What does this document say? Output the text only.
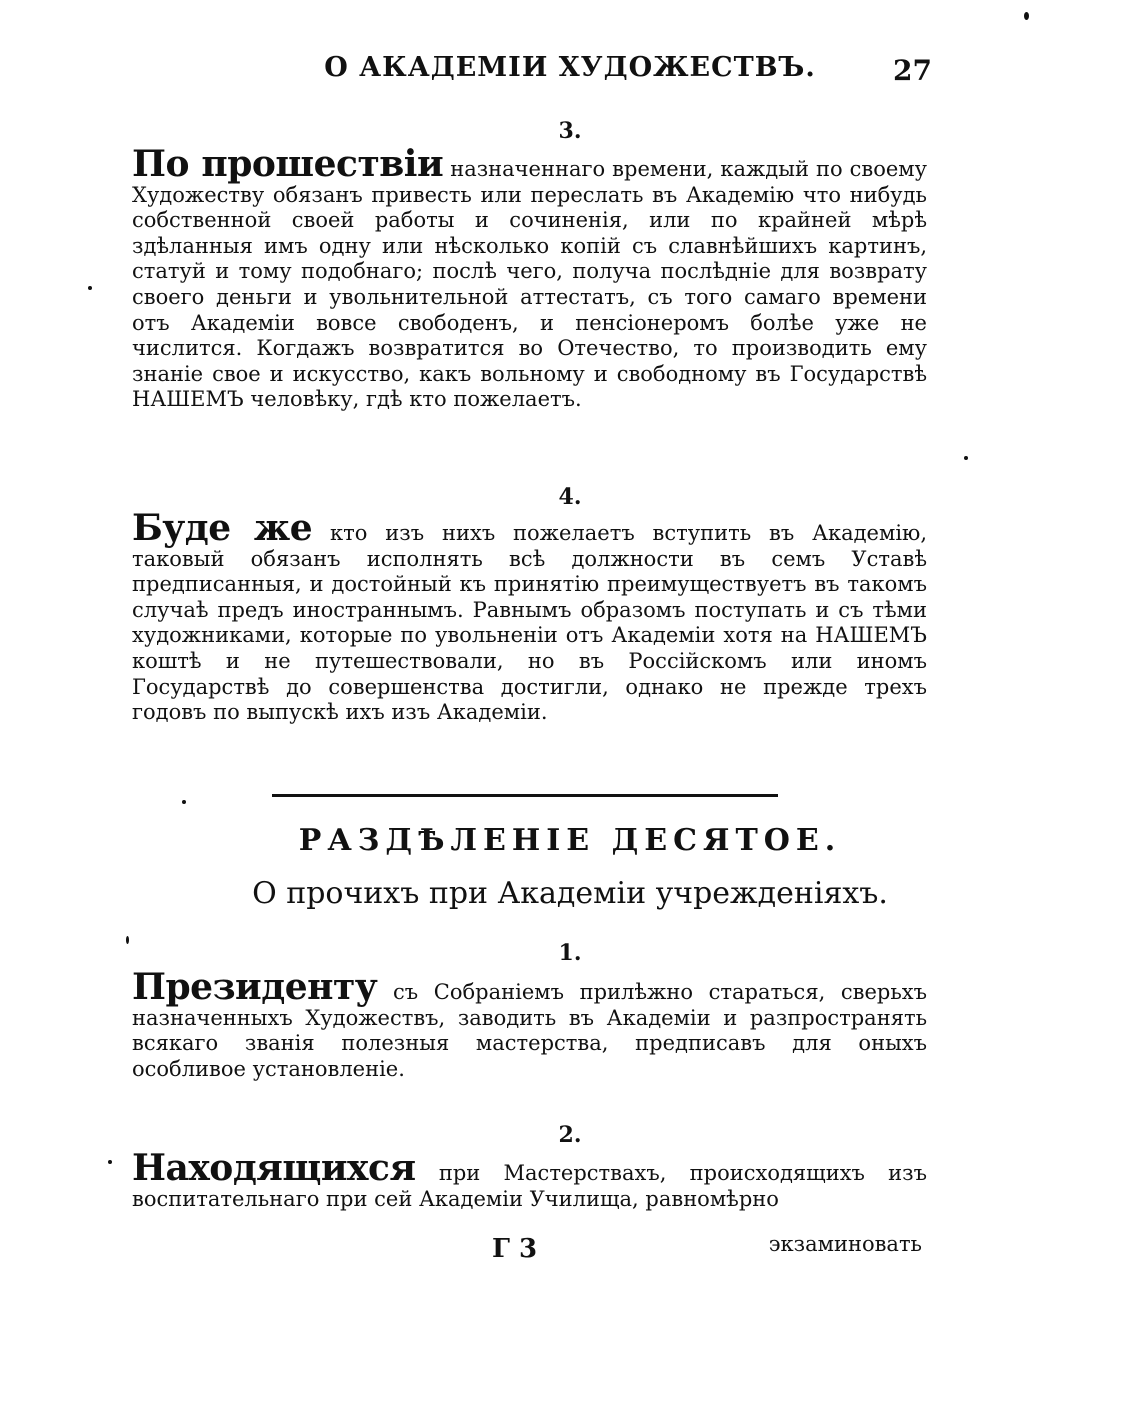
О АКАДЕМІИ ХУДОЖЕСТВЪ.	27
3.

По прошествіи назначеннаго времени, каждый по своему Художеству обязанъ привесть или переслать въ Академію что нибудь собственной своей работы и сочиненія, или по крайней мѣрѣ здѣланныя имъ одну или нѣсколько копій съ славнѣйшихъ картинъ, статуй и тому подобнаго; послѣ чего, получа послѣдніе для возврату своего деньги и увольнительной аттестатъ, съ того самаго времени отъ Академіи вовсе свободенъ, и пенсіонеромъ болѣе уже не числится. Когдажъ возвратится во Отечество, то производить ему знаніе свое и искусство, какъ вольному и свободному въ Государствѣ НАШЕМЪ человѣку, гдѣ кто пожелаетъ.

4.

Буде же кто изъ нихъ пожелаетъ вступить въ Академію, таковый обязанъ исполнять всѣ должности въ семъ Уставѣ предписанныя, и достойный къ принятію преимуществуетъ въ такомъ случаѣ предъ иностраннымъ. Равнымъ образомъ поступать и съ тѣми художниками, которые по увольненіи отъ Академіи хотя на НАШЕМЪ коштѣ и не путешествовали, но въ Россійскомъ или иномъ Государствѣ до совершенства достигли, однако не прежде трехъ годовъ по выпускѣ ихъ изъ Академіи.

РАЗДѢЛЕНІЕ ДЕСЯТОЕ.
О прочихъ при Академіи учрежденіяхъ.
1.

Президенту съ Собраніемъ прилѣжно стараться, сверьхъ назначенныхъ Художествъ, заводить въ Академіи и разпространять всякаго званія полезныя мастерства, предписавъ для оныхъ особливое установленіе.

2.

Находящихся при Мастерствахъ, происходящихъ изъ воспитательнаго при сей Академіи Училища, равномѣрно

Г 3	экзаминовать
